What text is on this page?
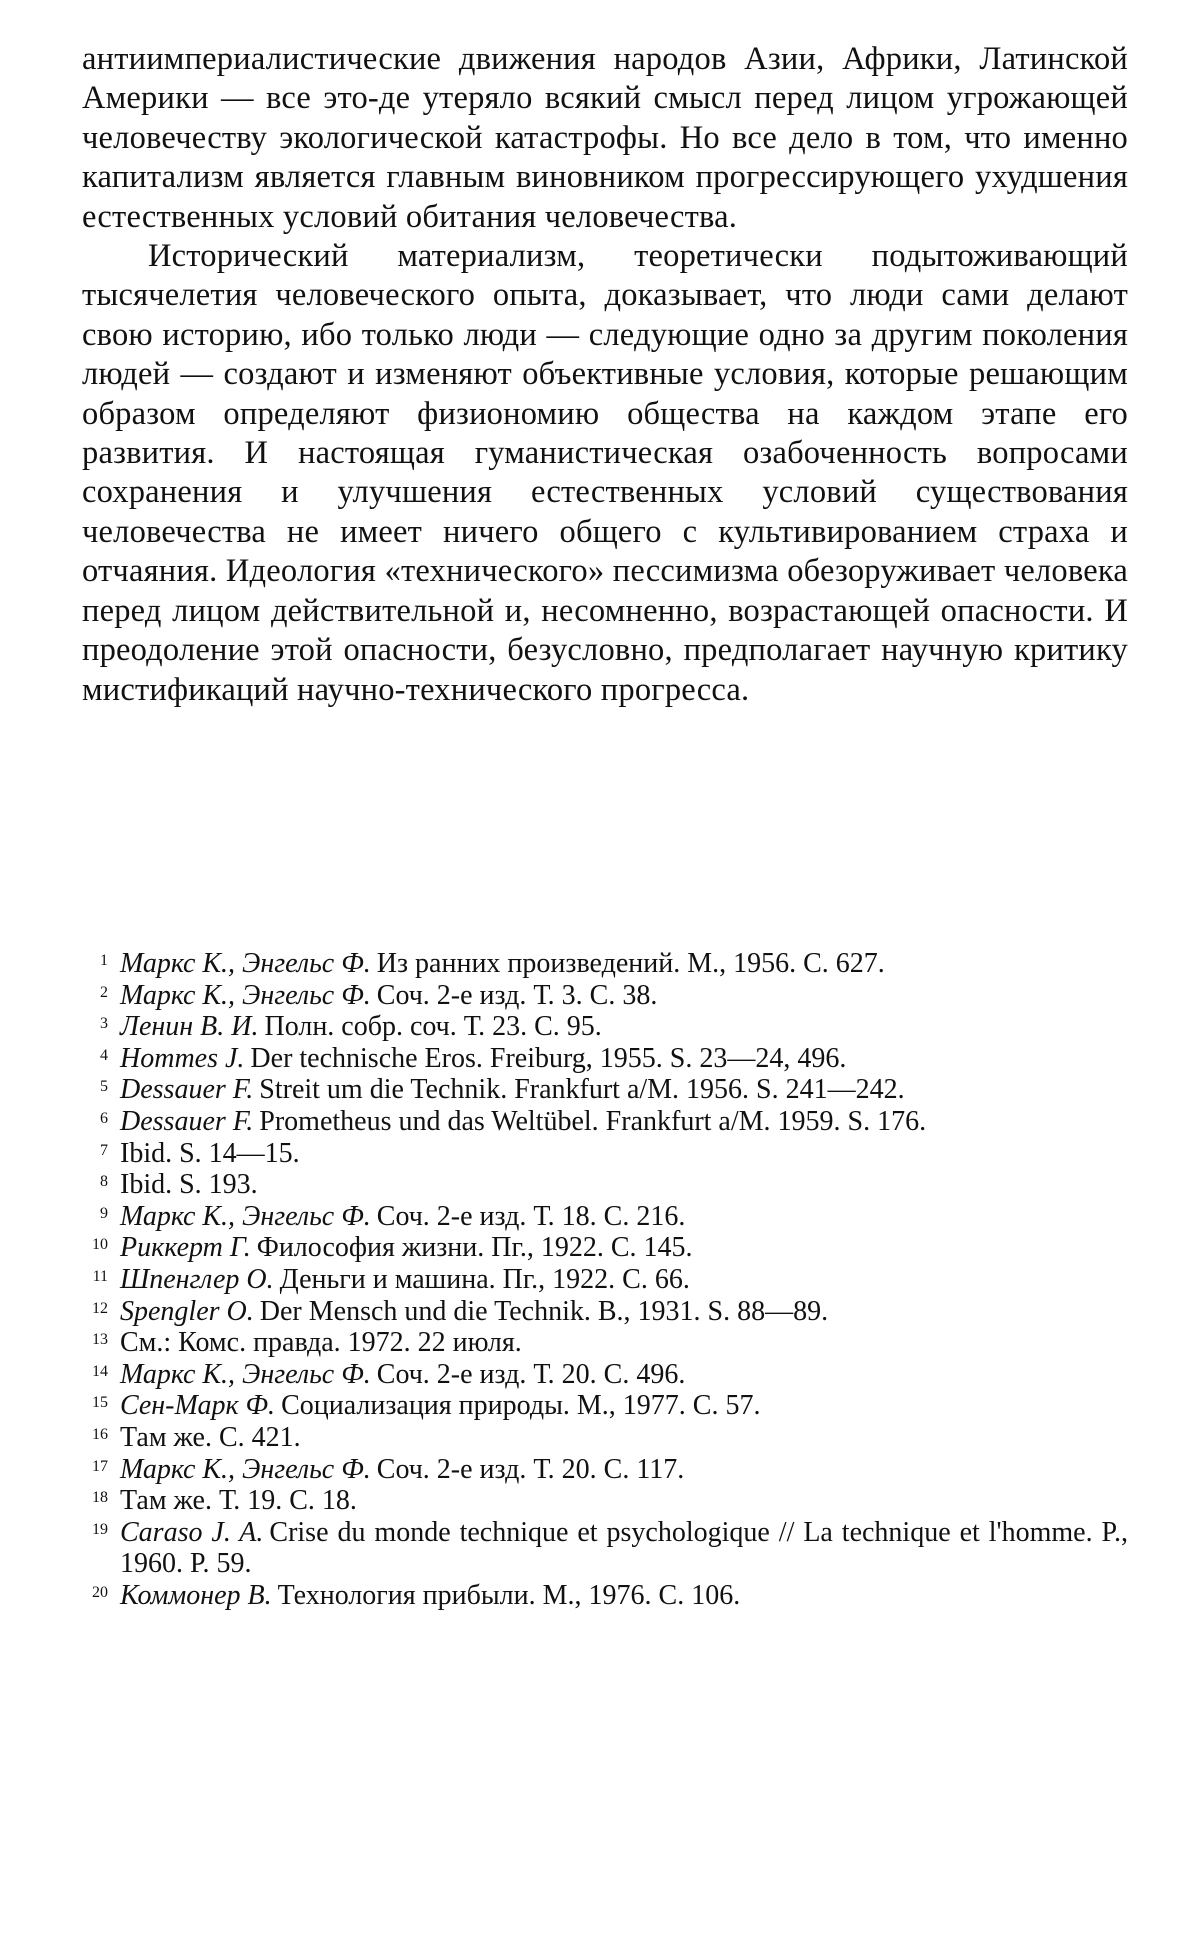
антиимпериалистические движения народов Азии, Африки, Латинской Америки — все это-де утеряло всякий смысл перед лицом угрожающей человечеству экологической катастрофы. Но все дело в том, что именно капитализм является главным виновником прогрессирующего ухудшения естественных условий обитания человечества.

Исторический материализм, теоретически подытоживающий тысячелетия человеческого опыта, доказывает, что люди сами делают свою историю, ибо только люди — следующие одно за другим поколения людей — создают и изменяют объективные условия, которые решающим образом определяют физиономию общества на каждом этапе его развития. И настоящая гуманистическая озабоченность вопросами сохранения и улучшения естественных условий существования человечества не имеет ничего общего с культивированием страха и отчаяния. Идеология «технического» пессимизма обезоруживает человека перед лицом действительной и, несомненно, возрастающей опасности. И преодоление этой опасности, безусловно, предполагает научную критику мистификаций научно-технического прогресса.

1 Маркс К., Энгельс Ф. Из ранних произведений. М., 1956. С. 627.
2 Маркс К., Энгельс Ф. Соч. 2-е изд. Т. 3. С. 38.
3 Ленин В. И. Полн. собр. соч. Т. 23. С. 95.
4 Hommes J. Der technische Eros. Freiburg, 1955. S. 23—24, 496.
5 Dessauer F. Streit um die Technik. Frankfurt a/M. 1956. S. 241—242.
6 Dessauer F. Prometheus und das Weltübel. Frankfurt a/M. 1959. S. 176.
7 Ibid. S. 14—15.
8 Ibid. S. 193.
9 Маркс К., Энгельс Ф. Соч. 2-е изд. Т. 18. С. 216.
10 Риккерт Г. Философия жизни. Пг., 1922. С. 145.
11 Шпенглер О. Деньги и машина. Пг., 1922. С. 66.
12 Spengler O. Der Mensch und die Technik. B., 1931. S. 88—89.
13 См.: Комс. правда. 1972. 22 июля.
14 Маркс К., Энгельс Ф. Соч. 2-е изд. Т. 20. С. 496.
15 Сен-Марк Ф. Социализация природы. М., 1977. С. 57.
16 Там же. С. 421.
17 Маркс К., Энгельс Ф. Соч. 2-е изд. Т. 20. С. 117.
18 Там же. Т. 19. С. 18.
19 Caraso J. A. Crise du monde technique et psychologique // La technique et l'homme. P., 1960. P. 59.
20 Коммонер В. Технология прибыли. М., 1976. С. 106.
